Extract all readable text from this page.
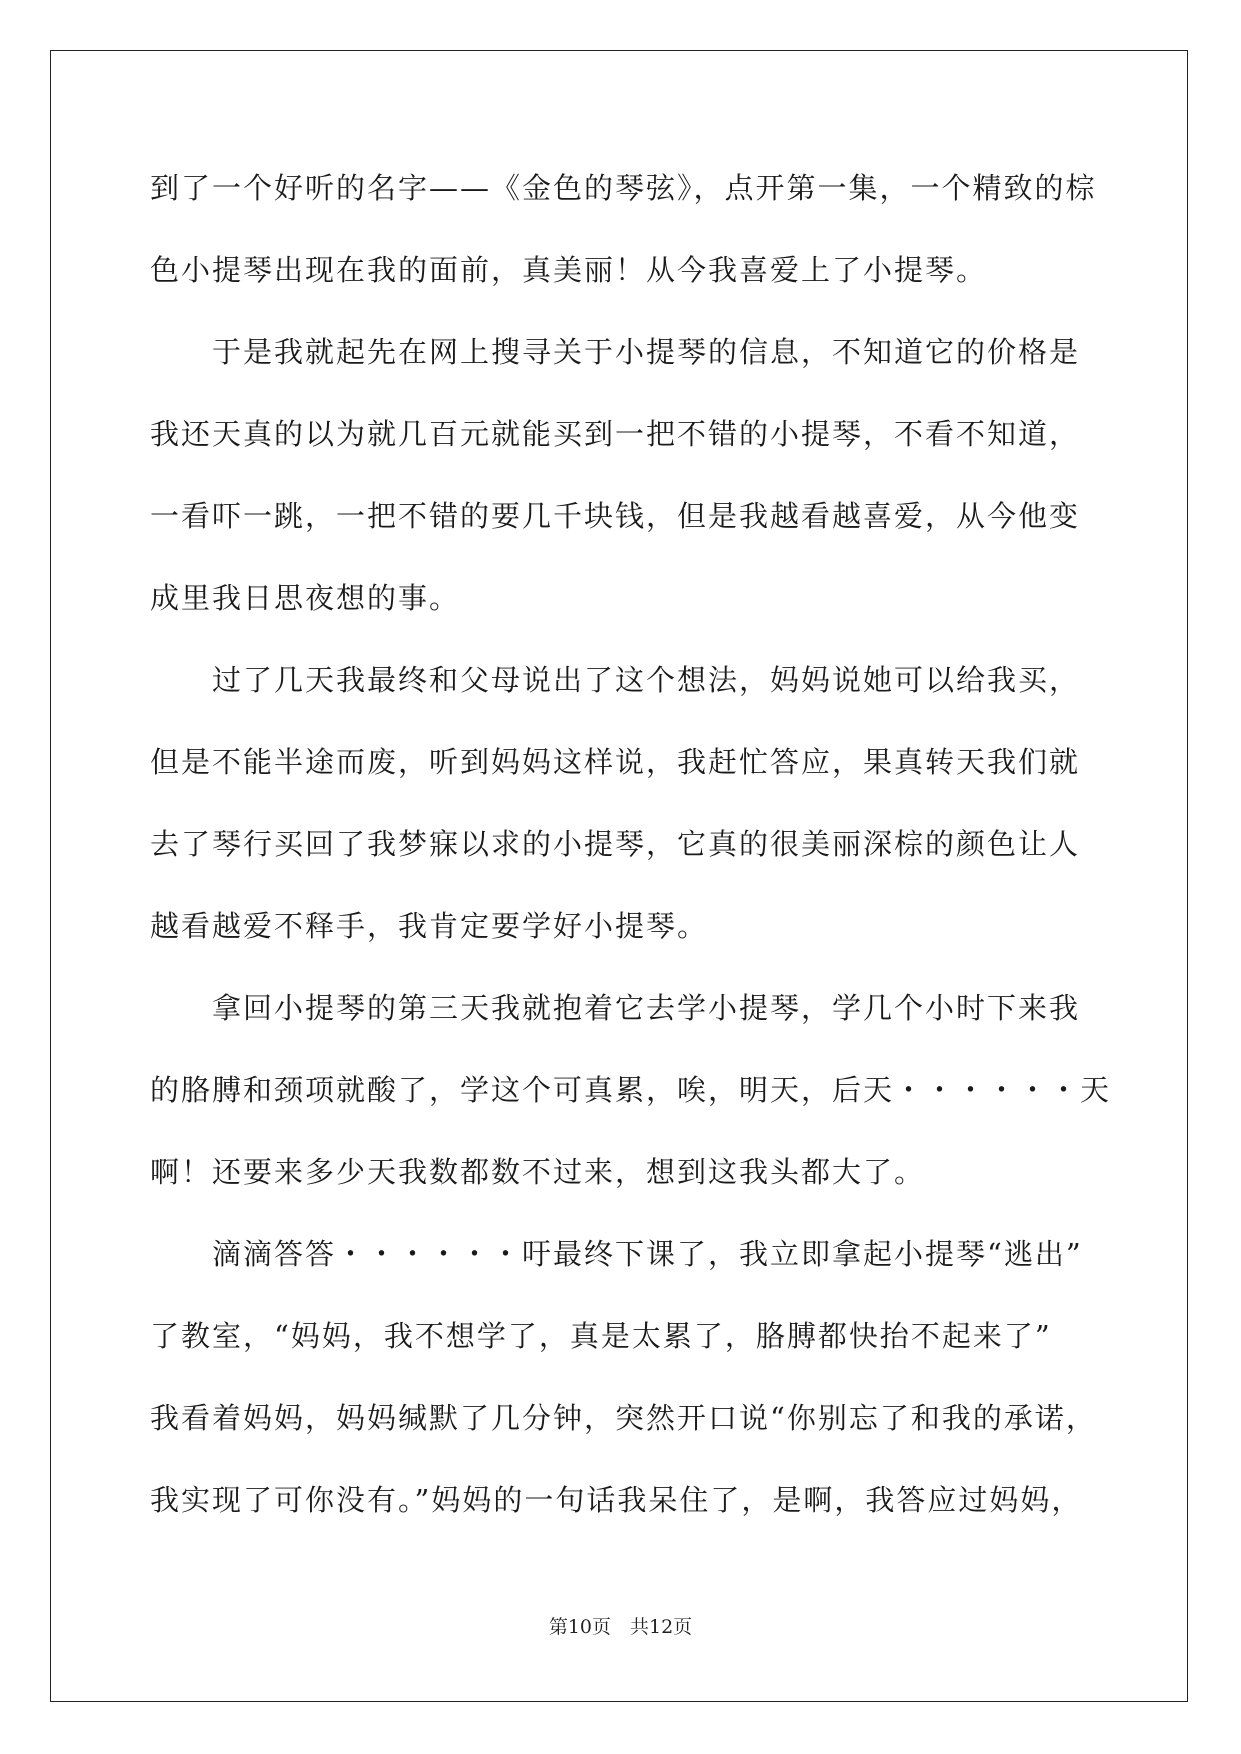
到了一个好听的名字——《金色的琴弦》，点开第一集，一个精致的棕
色小提琴出现在我的面前，真美丽！从今我喜爱上了小提琴。
　　于是我就起先在网上搜寻关于小提琴的信息，不知道它的价格是
我还天真的以为就几百元就能买到一把不错的小提琴，不看不知道，
一看吓一跳，一把不错的要几千块钱，但是我越看越喜爱，从今他变
成里我日思夜想的事。
　　过了几天我最终和父母说出了这个想法，妈妈说她可以给我买，
但是不能半途而废，听到妈妈这样说，我赶忙答应，果真转天我们就
去了琴行买回了我梦寐以求的小提琴，它真的很美丽深棕的颜色让人
越看越爱不释手，我肯定要学好小提琴。
　　拿回小提琴的第三天我就抱着它去学小提琴，学几个小时下来我
的胳膊和颈项就酸了，学这个可真累，唉，明天，后天・・・・・・天
啊！还要来多少天我数都数不过来，想到这我头都大了。
　　滴滴答答・・・・・・吁最终下课了，我立即拿起小提琴“逃出”
了教室，“妈妈，我不想学了，真是太累了，胳膊都快抬不起来了”
我看着妈妈，妈妈缄默了几分钟，突然开口说“你别忘了和我的承诺，
我实现了可你没有。”妈妈的一句话我呆住了，是啊，我答应过妈妈，
第10页　共12页
